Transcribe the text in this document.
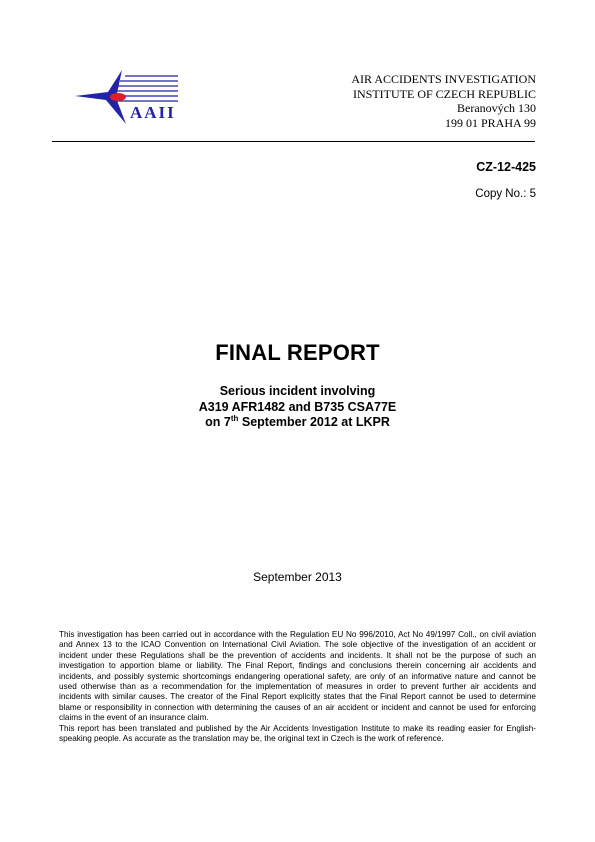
AAII
AIR ACCIDENTS INVESTIGATION
INSTITUTE OF CZECH REPUBLIC
Beranových 130
199 01 PRAHA 99
CZ-12-425
Copy No.: 5
FINAL REPORT
Serious incident involving
A319 AFR1482 and B735 CSA77E
on 7th September 2012 at LKPR
September 2013

This investigation has been carried out in accordance with the Regulation EU No 996/2010, Act No 49/1997 Coll., on civil aviation and Annex 13 to the ICAO Convention on International Civil Aviation. The sole objective of the investigation of an accident or incident under these Regulations shall be the prevention of accidents and incidents. It shall not be the purpose of such an investigation to apportion blame or liability. The Final Report, findings and conclusions therein concerning air accidents and incidents, and possibly systemic shortcomings endangering operational safety, are only of an informative nature and cannot be used otherwise than as a recommendation for the implementation of measures in order to prevent further air accidents and incidents with similar causes. The creator of the Final Report explicitly states that the Final Report cannot be used to determine blame or responsibility in connection with determining the causes of an air accident or incident and cannot be used for enforcing claims in the event of an insurance claim.

This report has been translated and published by the Air Accidents Investigation Institute to make its reading easier for English-speaking people. As accurate as the translation may be, the original text in Czech is the work of reference.
